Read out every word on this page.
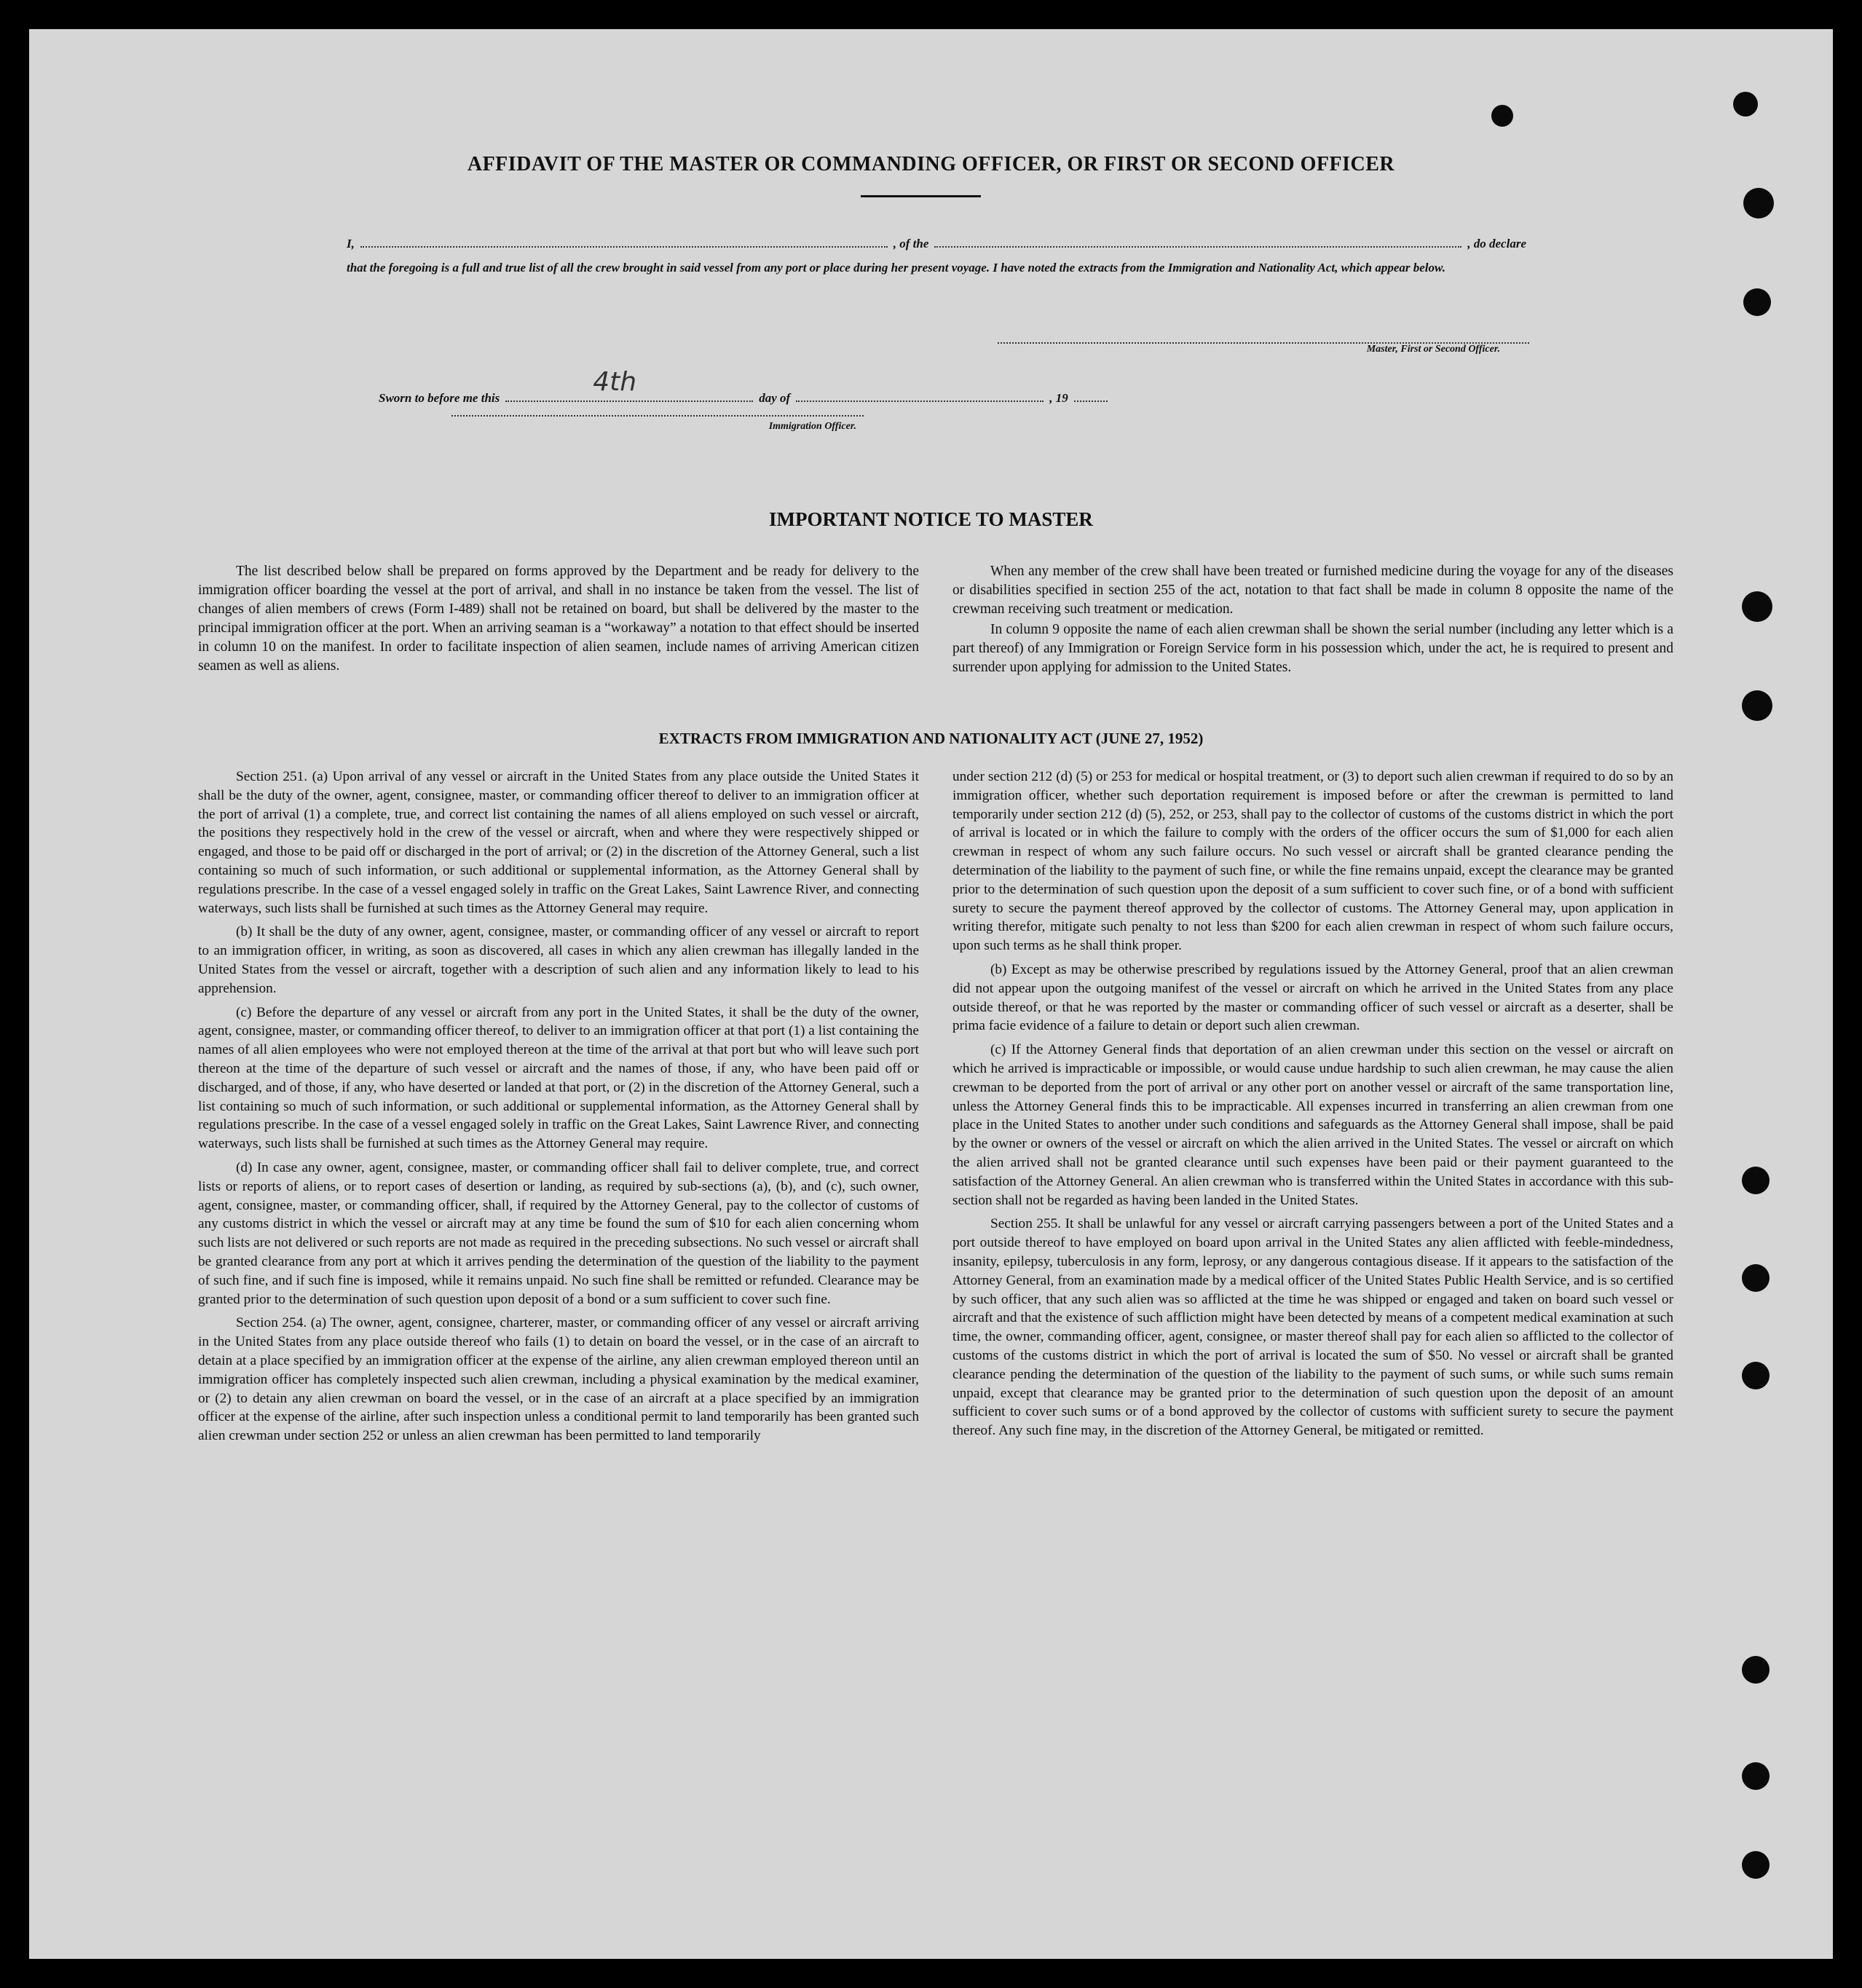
AFFIDAVIT OF THE MASTER OR COMMANDING OFFICER, OR FIRST OR SECOND OFFICER
I,	, of the	, do declare
that the foregoing is a full and true list of all the crew brought in said vessel from any port or place during her present voyage. I have noted the extracts from the Immigration and Nationality Act, which appear below.
Master, First or Second Officer.
Sworn to before me this
4th
day of	, 19
Immigration Officer.
IMPORTANT NOTICE TO MASTER

The list described below shall be prepared on forms approved by the Department and be ready for delivery to the immigration officer boarding the vessel at the port of arrival, and shall in no instance be taken from the vessel. The list of changes of alien members of crews (Form I-489) shall not be retained on board, but shall be delivered by the master to the principal immigration officer at the port. When an arriving seaman is a “workaway” a notation to that effect should be inserted in column 10 on the manifest. In order to facilitate inspection of alien seamen, include names of arriving American citizen seamen as well as aliens.

When any member of the crew shall have been treated or furnished medicine during the voyage for any of the diseases or disabilities specified in section 255 of the act, notation to that fact shall be made in column 8 opposite the name of the crewman receiving such treatment or medication.

In column 9 opposite the name of each alien crewman shall be shown the serial number (including any letter which is a part thereof) of any Immigration or Foreign Service form in his possession which, under the act, he is required to present and surrender upon applying for admission to the United States.

EXTRACTS FROM IMMIGRATION AND NATIONALITY ACT (JUNE 27, 1952)

Section 251. (a) Upon arrival of any vessel or aircraft in the United States from any place outside the United States it shall be the duty of the owner, agent, consignee, master, or commanding officer thereof to deliver to an immigration officer at the port of arrival (1) a complete, true, and correct list containing the names of all aliens employed on such vessel or aircraft, the positions they respectively hold in the crew of the vessel or aircraft, when and where they were respectively shipped or engaged, and those to be paid off or discharged in the port of arrival; or (2) in the discretion of the Attorney General, such a list containing so much of such information, or such additional or supplemental information, as the Attorney General shall by regulations prescribe. In the case of a vessel engaged solely in traffic on the Great Lakes, Saint Lawrence River, and connecting waterways, such lists shall be furnished at such times as the Attorney General may require.

(b) It shall be the duty of any owner, agent, consignee, master, or commanding officer of any vessel or aircraft to report to an immigration officer, in writing, as soon as discovered, all cases in which any alien crewman has illegally landed in the United States from the vessel or aircraft, together with a description of such alien and any information likely to lead to his apprehension.

(c) Before the departure of any vessel or aircraft from any port in the United States, it shall be the duty of the owner, agent, consignee, master, or commanding officer thereof, to deliver to an immigration officer at that port (1) a list containing the names of all alien employees who were not employed thereon at the time of the arrival at that port but who will leave such port thereon at the time of the departure of such vessel or aircraft and the names of those, if any, who have been paid off or discharged, and of those, if any, who have deserted or landed at that port, or (2) in the discretion of the Attorney General, such a list containing so much of such information, or such additional or supplemental information, as the Attorney General shall by regulations prescribe. In the case of a vessel engaged solely in traffic on the Great Lakes, Saint Lawrence River, and connecting waterways, such lists shall be furnished at such times as the Attorney General may require.

(d) In case any owner, agent, consignee, master, or commanding officer shall fail to deliver complete, true, and correct lists or reports of aliens, or to report cases of desertion or landing, as required by sub-sections (a), (b), and (c), such owner, agent, consignee, master, or commanding officer, shall, if required by the Attorney General, pay to the collector of customs of any customs district in which the vessel or aircraft may at any time be found the sum of $10 for each alien concerning whom such lists are not delivered or such reports are not made as required in the preceding subsections. No such vessel or aircraft shall be granted clearance from any port at which it arrives pending the determination of the question of the liability to the payment of such fine, and if such fine is imposed, while it remains unpaid. No such fine shall be remitted or refunded. Clearance may be granted prior to the determination of such question upon deposit of a bond or a sum sufficient to cover such fine.

Section 254. (a) The owner, agent, consignee, charterer, master, or commanding officer of any vessel or aircraft arriving in the United States from any place outside thereof who fails (1) to detain on board the vessel, or in the case of an aircraft to detain at a place specified by an immigration officer at the expense of the airline, any alien crewman employed thereon until an immigration officer has completely inspected such alien crewman, including a physical examination by the medical examiner, or (2) to detain any alien crewman on board the vessel, or in the case of an aircraft at a place specified by an immigration officer at the expense of the airline, after such inspection unless a conditional permit to land temporarily has been granted such alien crewman under section 252 or unless an alien crewman has been permitted to land temporarily

under section 212 (d) (5) or 253 for medical or hospital treatment, or (3) to deport such alien crewman if required to do so by an immigration officer, whether such deportation requirement is imposed before or after the crewman is permitted to land temporarily under section 212 (d) (5), 252, or 253, shall pay to the collector of customs of the customs district in which the port of arrival is located or in which the failure to comply with the orders of the officer occurs the sum of $1,000 for each alien crewman in respect of whom any such failure occurs. No such vessel or aircraft shall be granted clearance pending the determination of the liability to the payment of such fine, or while the fine remains unpaid, except the clearance may be granted prior to the determination of such question upon the deposit of a sum sufficient to cover such fine, or of a bond with sufficient surety to secure the payment thereof approved by the collector of customs. The Attorney General may, upon application in writing therefor, mitigate such penalty to not less than $200 for each alien crewman in respect of whom such failure occurs, upon such terms as he shall think proper.

(b) Except as may be otherwise prescribed by regulations issued by the Attorney General, proof that an alien crewman did not appear upon the outgoing manifest of the vessel or aircraft on which he arrived in the United States from any place outside thereof, or that he was reported by the master or commanding officer of such vessel or aircraft as a deserter, shall be prima facie evidence of a failure to detain or deport such alien crewman.

(c) If the Attorney General finds that deportation of an alien crewman under this section on the vessel or aircraft on which he arrived is impracticable or impossible, or would cause undue hardship to such alien crewman, he may cause the alien crewman to be deported from the port of arrival or any other port on another vessel or aircraft of the same transportation line, unless the Attorney General finds this to be impracticable. All expenses incurred in transferring an alien crewman from one place in the United States to another under such conditions and safeguards as the Attorney General shall impose, shall be paid by the owner or owners of the vessel or aircraft on which the alien arrived in the United States. The vessel or aircraft on which the alien arrived shall not be granted clearance until such expenses have been paid or their payment guaranteed to the satisfaction of the Attorney General. An alien crewman who is transferred within the United States in accordance with this sub-section shall not be regarded as having been landed in the United States.

Section 255. It shall be unlawful for any vessel or aircraft carrying passengers between a port of the United States and a port outside thereof to have employed on board upon arrival in the United States any alien afflicted with feeble-mindedness, insanity, epilepsy, tuberculosis in any form, leprosy, or any dangerous contagious disease. If it appears to the satisfaction of the Attorney General, from an examination made by a medical officer of the United States Public Health Service, and is so certified by such officer, that any such alien was so afflicted at the time he was shipped or engaged and taken on board such vessel or aircraft and that the existence of such affliction might have been detected by means of a competent medical examination at such time, the owner, commanding officer, agent, consignee, or master thereof shall pay for each alien so afflicted to the collector of customs of the customs district in which the port of arrival is located the sum of $50. No vessel or aircraft shall be granted clearance pending the determination of the question of the liability to the payment of such sums, or while such sums remain unpaid, except that clearance may be granted prior to the determination of such question upon the deposit of an amount sufficient to cover such sums or of a bond approved by the collector of customs with sufficient surety to secure the payment thereof. Any such fine may, in the discretion of the Attorney General, be mitigated or remitted.
